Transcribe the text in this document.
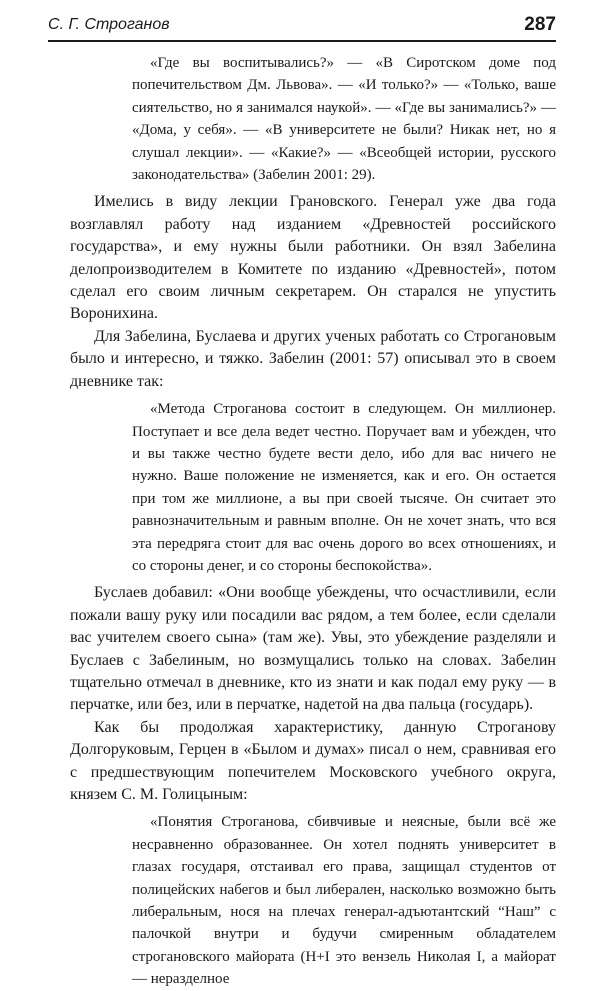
С. Г. Строганов	287

«Где вы воспитывались?» — «В Сиротском доме под попечительством Дм. Львова». — «И только?» — «Только, ваше сиятельство, но я занимался наукой». — «Где вы занимались?» — «Дома, у себя». — «В университете не были? Никак нет, но я слушал лекции». — «Какие?» — «Всеобщей истории, русского законодательства» (Забелин 2001: 29).

Имелись в виду лекции Грановского. Генерал уже два года возглавлял работу над изданием «Древностей российского государства», и ему нужны были работники. Он взял Забелина делопроизводителем в Комитете по изданию «Древностей», потом сделал его своим личным секретарем. Он старался не упустить Воронихина.

Для Забелина, Буслаева и других ученых работать со Строгановым было и интересно, и тяжко. Забелин (2001: 57) описывал это в своем дневнике так:

«Метода Строганова состоит в следующем. Он миллионер. Поступает и все дела ведет честно. Поручает вам и убежден, что и вы также честно будете вести дело, ибо для вас ничего не нужно. Ваше положение не изменяется, как и его. Он остается при том же миллионе, а вы при своей тысяче. Он считает это равнозначительным и равным вполне. Он не хочет знать, что вся эта передряга стоит для вас очень дорого во всех отношениях, и со стороны денег, и со стороны беспокойства».

Буслаев добавил: «Они вообще убеждены, что осчастливили, если пожали вашу руку или посадили вас рядом, а тем более, если сделали вас учителем своего сына» (там же). Увы, это убеждение разделяли и Буслаев с Забелиным, но возмущались только на словах. Забелин тщательно отмечал в дневнике, кто из знати и как подал ему руку — в перчатке, или без, или в перчатке, надетой на два пальца (государь).

Как бы продолжая характеристику, данную Строганову Долгоруковым, Герцен в «Былом и думах» писал о нем, сравнивая его с предшествующим попечителем Московского учебного округа, князем С. М. Голицыным:

«Понятия Строганова, сбивчивые и неясные, были всё же несравненно образованнее. Он хотел поднять университет в глазах государя, отстаивал его права, защищал студентов от полицейских набегов и был либерален, насколько возможно быть либеральным, нося на плечах генерал-адъютантский “Наш” с палочкой внутри и будучи смиренным обладателем строгановского майората (Н+I это вензель Николая I, а майорат — неразделное
